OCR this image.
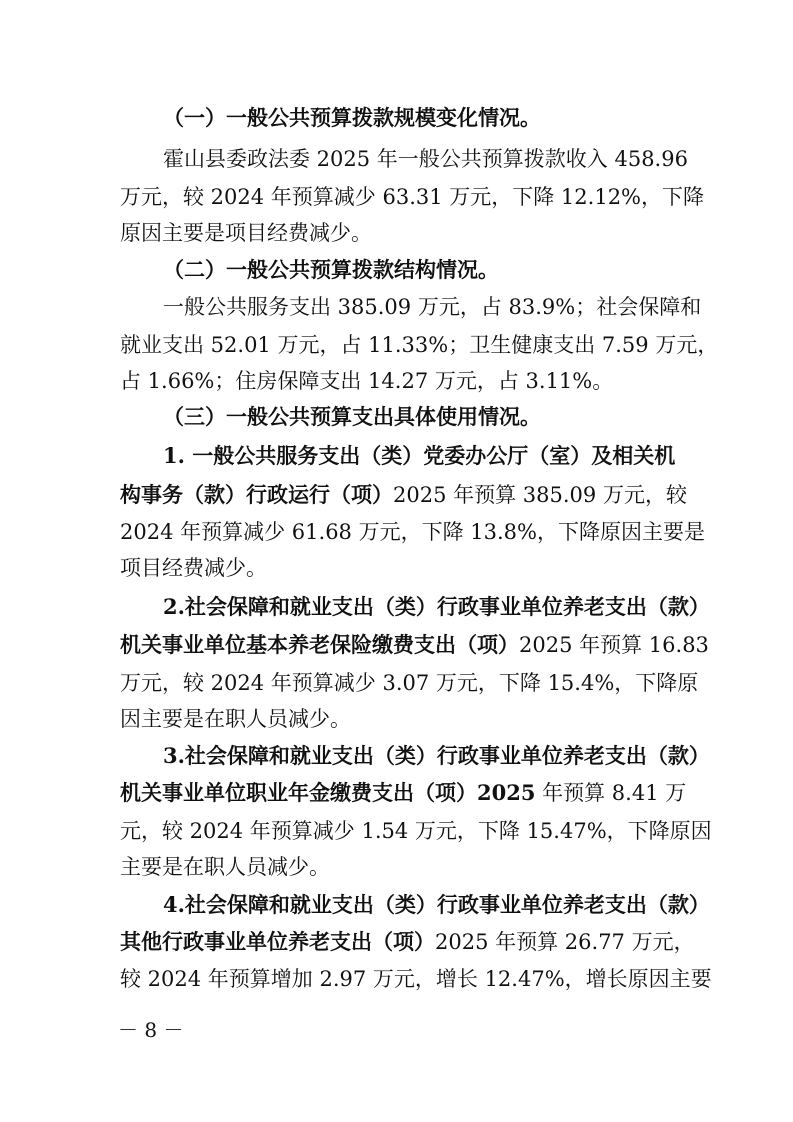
（一）一般公共预算拨款规模变化情况。
霍山县委政法委 2025 年一般公共预算拨款收入 458.96
万元，较 2024 年预算减少 63.31 万元，下降 12.12%，下降
原因主要是项目经费减少。
（二）一般公共预算拨款结构情况。
一般公共服务支出 385.09 万元，占 83.9%；社会保障和
就业支出 52.01 万元，占 11.33%；卫生健康支出 7.59 万元，
占 1.66%；住房保障支出 14.27 万元，占 3.11%。
（三）一般公共预算支出具体使用情况。
1. 一般公共服务支出（类）党委办公厅（室）及相关机
构事务（款）行政运行（项）2025 年预算 385.09 万元，较
2024 年预算减少 61.68 万元，下降 13.8%，下降原因主要是
项目经费减少。
2.社会保障和就业支出（类）行政事业单位养老支出（款）
机关事业单位基本养老保险缴费支出（项）2025 年预算 16.83
万元，较 2024 年预算减少 3.07 万元，下降 15.4%，下降原
因主要是在职人员减少。
3.社会保障和就业支出（类）行政事业单位养老支出（款）
机关事业单位职业年金缴费支出（项）2025 年预算 8.41 万
元，较 2024 年预算减少 1.54 万元，下降 15.47%，下降原因
主要是在职人员减少。
4.社会保障和就业支出（类）行政事业单位养老支出（款）
其他行政事业单位养老支出（项）2025 年预算 26.77 万元，
较 2024 年预算增加 2.97 万元，增长 12.47%，增长原因主要
－ 8 －
